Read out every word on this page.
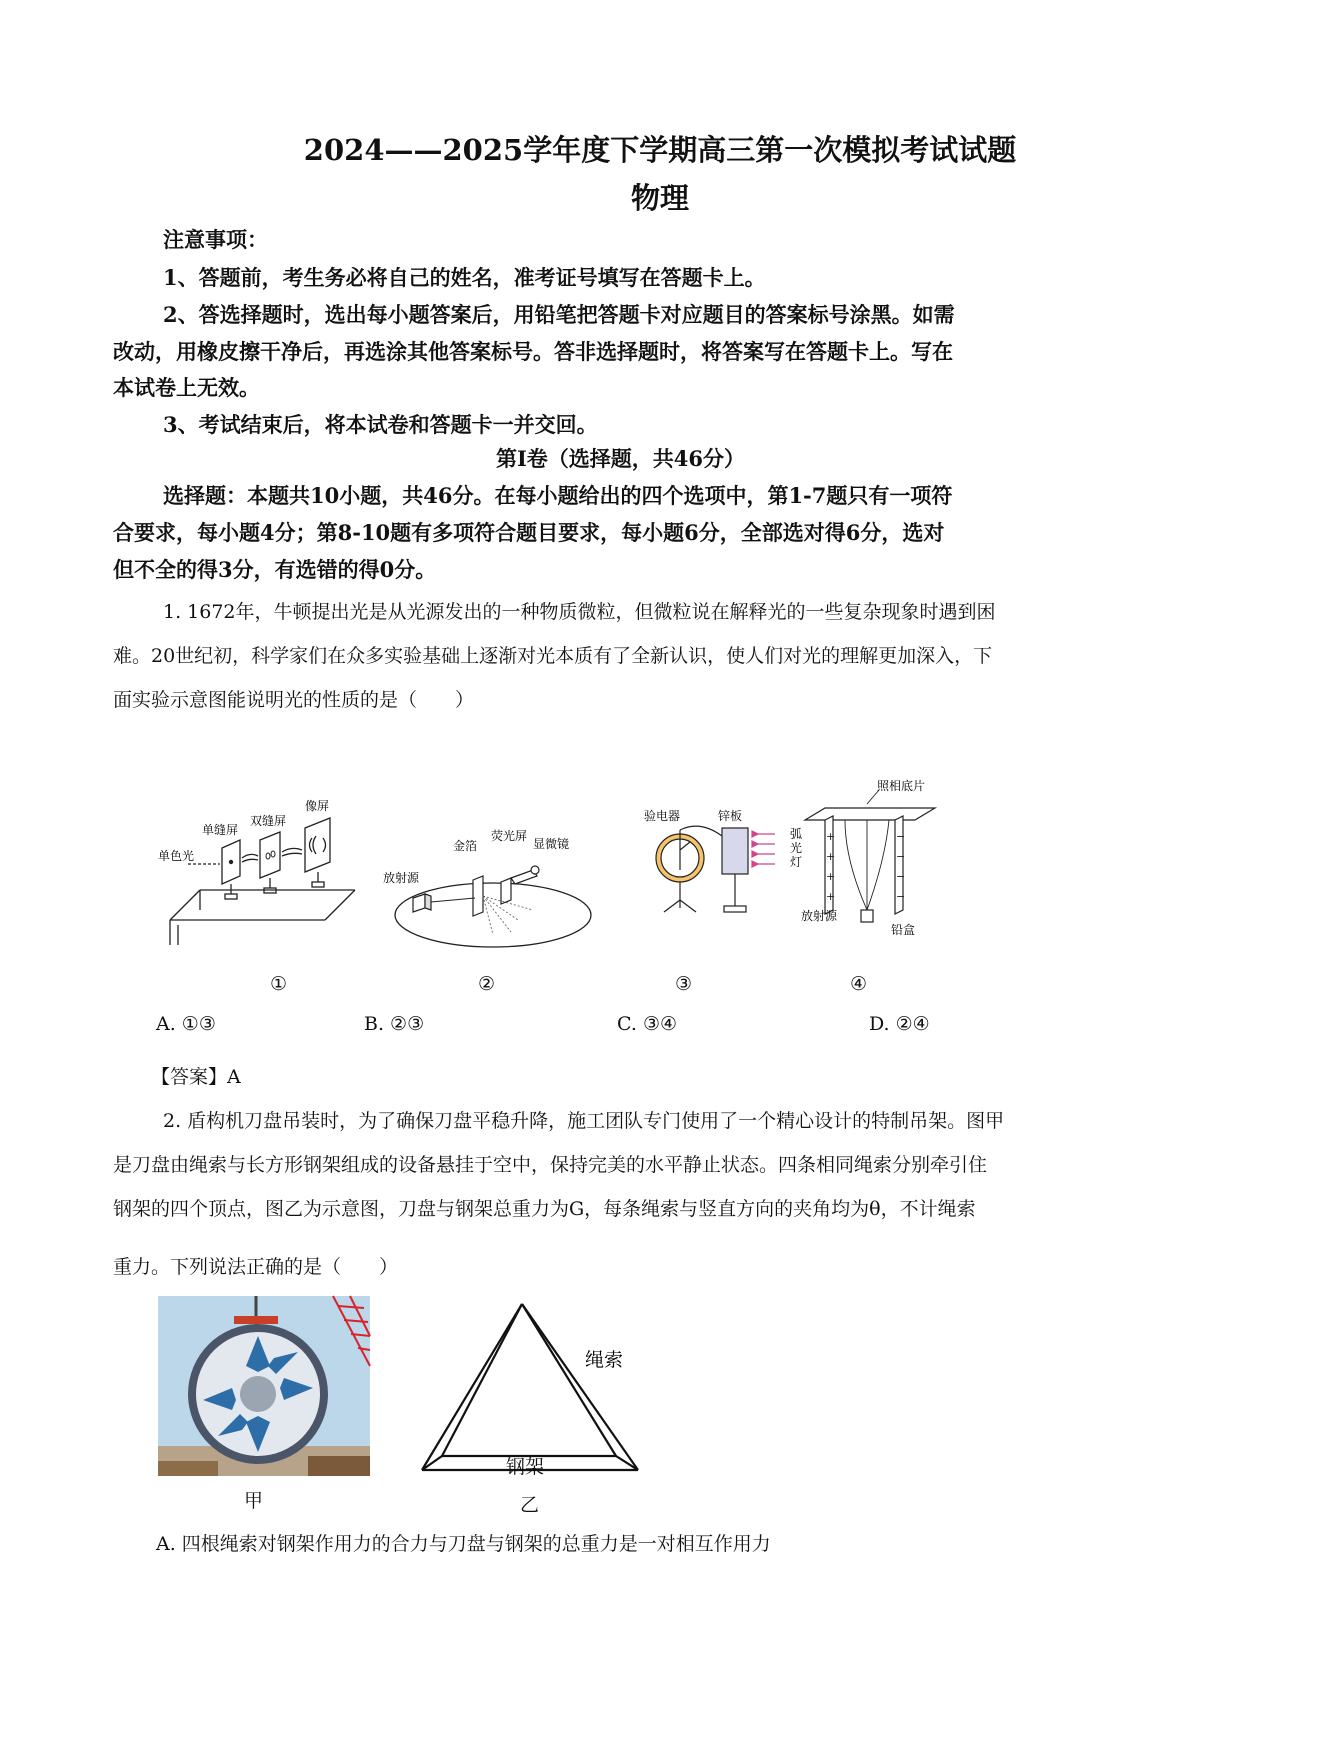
2024——2025学年度下学期高三第一次模拟考试试题
物理
注意事项：
1、答题前，考生务必将自己的姓名，准考证号填写在答题卡上。
2、答选择题时，选出每小题答案后，用铅笔把答题卡对应题目的答案标号涂黑。如需
改动，用橡皮擦干净后，再选涂其他答案标号。答非选择题时，将答案写在答题卡上。写在
本试卷上无效。
3、考试结束后，将本试卷和答题卡一并交回。
第Ⅰ卷（选择题，共46分）
选择题：本题共10小题，共46分。在每小题给出的四个选项中，第1-7题只有一项符
合要求，每小题4分；第8-10题有多项符合题目要求，每小题6分，全部选对得6分，选对
但不全的得3分，有选错的得0分。
1. 1672年，牛顿提出光是从光源发出的一种物质微粒，但微粒说在解释光的一些复杂现象时遇到困
难。20世纪初，科学家们在众多实验基础上逐渐对光本质有了全新认识，使人们对光的理解更加深入，下
面实验示意图能说明光的性质的是（　　）
单色光
单缝屏
双缝屏
像屏
放射源
金箔
荧光屏
显微镜
验电器	锌板
弧
光
灯
+
+
+
+
−
−
−
−
照相底片
放射源
铅盒
①	②	③	④
A. ①③	B. ②③	C. ③④	D. ②④
【答案】A
2. 盾构机刀盘吊装时，为了确保刀盘平稳升降，施工团队专门使用了一个精心设计的特制吊架。图甲
是刀盘由绳索与长方形钢架组成的设备悬挂于空中，保持完美的水平静止状态。四条相同绳索分别牵引住
钢架的四个顶点，图乙为示意图，刀盘与钢架总重力为G，每条绳索与竖直方向的夹角均为θ，不计绳索
重力。下列说法正确的是（　　）
绳索
钢架
甲	乙
A. 四根绳索对钢架作用力的合力与刀盘与钢架的总重力是一对相互作用力
